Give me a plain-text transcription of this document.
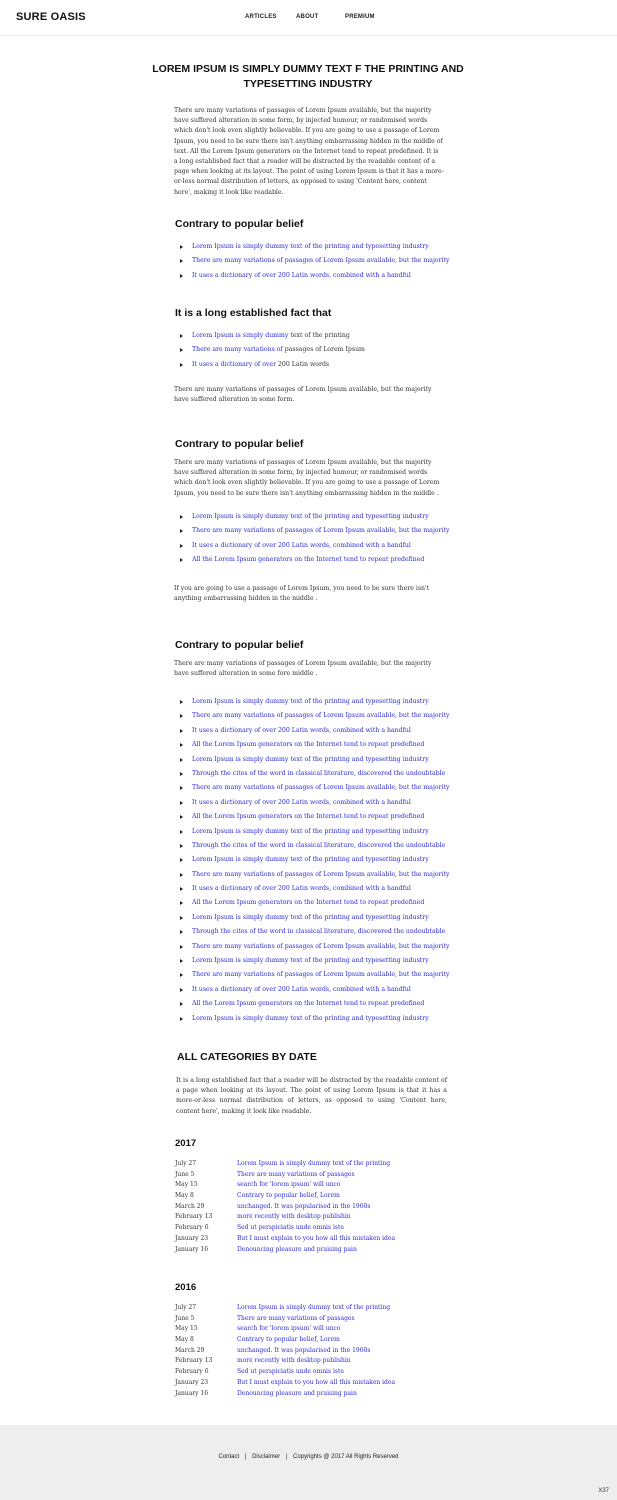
SURE OASIS	ARTICLES	ABOUT	PREMIUM
LOREM IPSUM IS SIMPLY DUMMY TEXT F THE PRINTING AND TYPESETTING INDUSTRY
There are many variations of passages of Lorem Ipsum available, but the majority have suffered alteration in some form, by injected humour, or randomised words which don't look even slightly believable. If you are going to use a passage of Lorem Ipsum, you need to be sure there isn't anything embarrassing hidden in the middle of text. All the Lorem Ipsum generators on the Internet tend to repeat predefined. It is a long established fact that a reader will be distracted by the readable content of a page when looking at its layout. The point of using Lorem Ipsum is that it has a more-or-less normal distribution of letters, as opposed to using 'Content here, content here', making it look like readable.
Contrary to popular belief
Lorem Ipsum is simply dummy text of the printing and typesetting industry
There are many variations of passages of Lorem Ipsum available, but the majority
It uses a dictionary of over 200 Latin words, combined with a handful
It is a long established fact that
Lorem Ipsum is simply dummy text of the printing
There are many variations of passages of Lorem Ipsum
It uses a dictionary of over 200 Latin words
There are many variations of passages of Lorem Ipsum available, but the majority have suffered alteration in some form.
Contrary to popular belief
There are many variations of passages of Lorem Ipsum available, but the majority have suffered alteration in some form, by injected humour, or randomised words which don't look even slightly believable. If you are going to use a passage of Lorem Ipsum, you need to be sure there isn't anything embarrassing hidden in the middle .
Lorem Ipsum is simply dummy text of the printing and typesetting industry
There are many variations of passages of Lorem Ipsum available, but the majority
It uses a dictionary of over 200 Latin words, combined with a handful
All the Lorem Ipsum generators on the Internet tend to repeat predefined
If you are going to use a passage of Lorem Ipsum, you need to be sure there isn't anything embarrassing hidden in the middle .
Contrary to popular belief
There are many variations of passages of Lorem Ipsum available, but the majority have suffered alteration in some fore middle .
Lorem Ipsum is simply dummy text of the printing and typesetting industry
There are many variations of passages of Lorem Ipsum available, but the majority
It uses a dictionary of over 200 Latin words, combined with a handful
All the Lorem Ipsum generators on the Internet tend to repeat predefined
Lorem Ipsum is simply dummy text of the printing and typesetting industry
Through the cites of the word in classical literature, discovered the undoubtable
There are many variations of passages of Lorem Ipsum available, but the majority
It uses a dictionary of over 200 Latin words, combined with a handful
All the Lorem Ipsum generators on the Internet tend to repeat predefined
Lorem Ipsum is simply dummy text of the printing and typesetting industry
Through the cites of the word in classical literature, discovered the undoubtable
Lorem Ipsum is simply dummy text of the printing and typesetting industry
There are many variations of passages of Lorem Ipsum available, but the majority
It uses a dictionary of over 200 Latin words, combined with a handful
All the Lorem Ipsum generators on the Internet tend to repeat predefined
Lorem Ipsum is simply dummy text of the printing and typesetting industry
Through the cites of the word in classical literature, discovered the undoubtable
There are many variations of passages of Lorem Ipsum available, but the majority
Lorem Ipsum is simply dummy text of the printing and typesetting industry
There are many variations of passages of Lorem Ipsum available, but the majority
It uses a dictionary of over 200 Latin words, combined with a handful
All the Lorem Ipsum generators on the Internet tend to repeat predefined
Lorem Ipsum is simply dummy text of the printing and typesetting industry
ALL CATEGORIES BY DATE
It is a long established fact that a reader will be distracted by the readable content of a page when looking at its layout. The point of using Lorem Ipsum is that it has a more-or-less normal distribution of letters, as opposed to using 'Content here, content here', making it look like readable.
2017
July 27	Lorem Ipsum is simply dummy text of the printing
June 5	There are many variations of passages
May 15	search for 'lorem ipsum' will unco
May 8	Contrary to popular belief, Lorem
March 29	unchanged. It was popularised in the 1960s
February 13	more recently with desktop publishin
February 6	Sed ut perspiciatis unde omnis iste
January 23	But I must explain to you how all this mistaken idea
January 16	Denouncing pleasure and praising pain
2016
July 27	Lorem Ipsum is simply dummy text of the printing
June 5	There are many variations of passages
May 15	search for 'lorem ipsum' will unco
May 8	Contrary to popular belief, Lorem
March 29	unchanged. It was popularised in the 1960s
February 13	more recently with desktop publishin
February 6	Sed ut perspiciatis unde omnis iste
January 23	But I must explain to you how all this mistaken idea
January 16	Denouncing pleasure and praising pain
Contact | Disclaimer | Copyrights @ 2017 All Rights Reserved
X37
